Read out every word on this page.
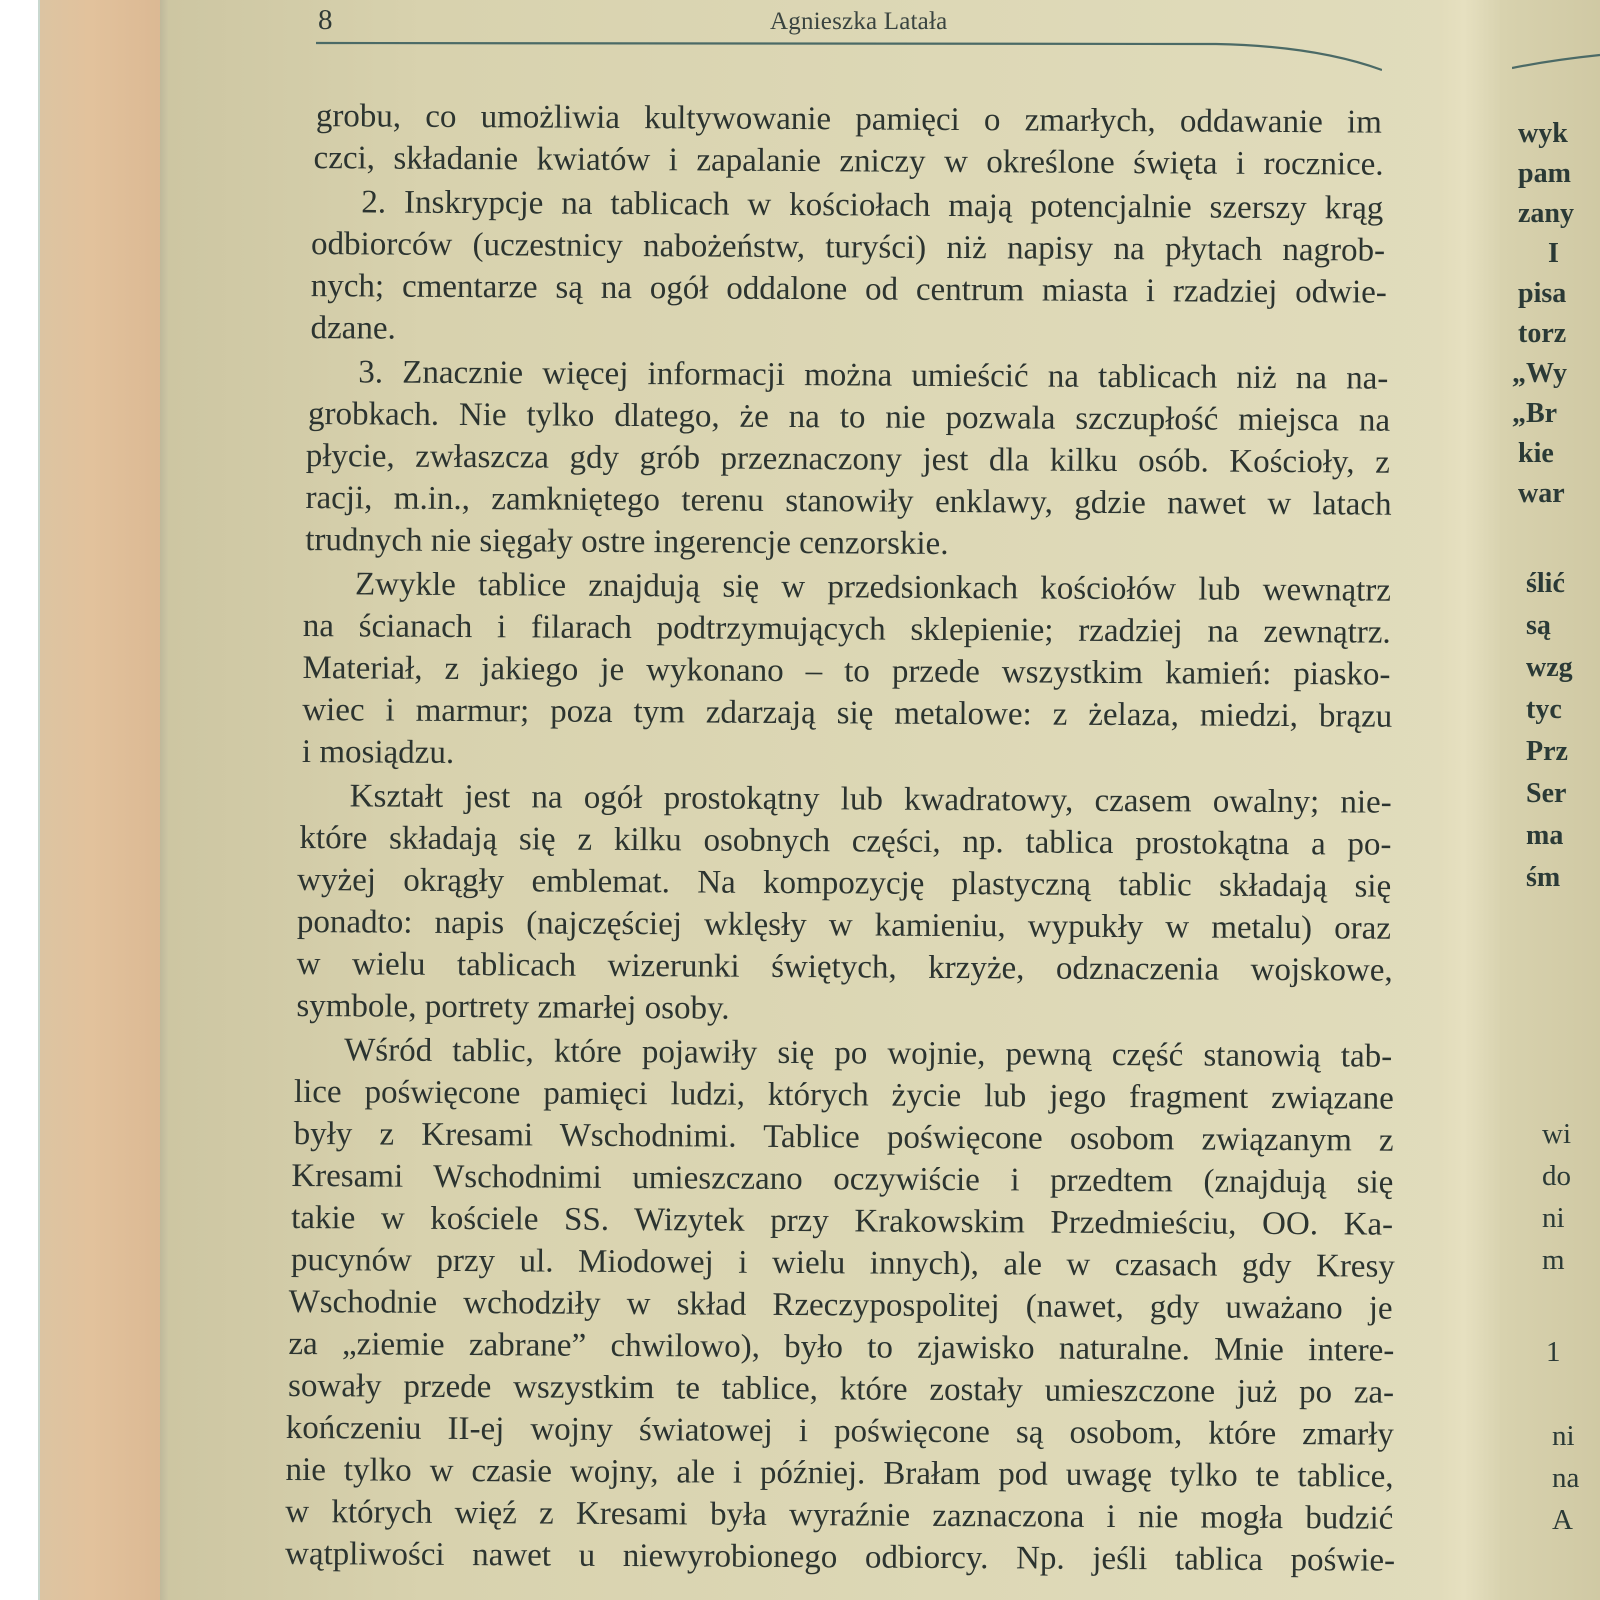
8	Agnieszka Latała
grobu, co umożliwia kultywowanie pamięci o zmarłych, oddawanie im
czci, składanie kwiatów i zapalanie zniczy w określone święta i rocznice.
2. Inskrypcje na tablicach w kościołach mają potencjalnie szerszy krąg
odbiorców (uczestnicy nabożeństw, turyści) niż napisy na płytach nagrob-
nych; cmentarze są na ogół oddalone od centrum miasta i rzadziej odwie-
dzane.
3. Znacznie więcej informacji można umieścić na tablicach niż na na-
grobkach. Nie tylko dlatego, że na to nie pozwala szczupłość miejsca na
płycie, zwłaszcza gdy grób przeznaczony jest dla kilku osób. Kościoły, z
racji, m.in., zamkniętego terenu stanowiły enklawy, gdzie nawet w latach
trudnych nie sięgały ostre ingerencje cenzorskie.
Zwykle tablice znajdują się w przedsionkach kościołów lub wewnątrz
na ścianach i filarach podtrzymujących sklepienie; rzadziej na zewnątrz.
Materiał, z jakiego je wykonano – to przede wszystkim kamień: piasko-
wiec i marmur; poza tym zdarzają się metalowe: z żelaza, miedzi, brązu
i mosiądzu.
Kształt jest na ogół prostokątny lub kwadratowy, czasem owalny; nie-
które składają się z kilku osobnych części, np. tablica prostokątna a po-
wyżej okrągły emblemat. Na kompozycję plastyczną tablic składają się
ponadto: napis (najczęściej wklęsły w kamieniu, wypukły w metalu) oraz
w wielu tablicach wizerunki świętych, krzyże, odznaczenia wojskowe,
symbole, portrety zmarłej osoby.
Wśród tablic, które pojawiły się po wojnie, pewną część stanowią tab-
lice poświęcone pamięci ludzi, których życie lub jego fragment związane
były z Kresami Wschodnimi. Tablice poświęcone osobom związanym z
Kresami Wschodnimi umieszczano oczywiście i przedtem (znajdują się
takie w kościele SS. Wizytek przy Krakowskim Przedmieściu, OO. Ka-
pucynów przy ul. Miodowej i wielu innych), ale w czasach gdy Kresy
Wschodnie wchodziły w skład Rzeczypospolitej (nawet, gdy uważano je
za „ziemie zabrane” chwilowo), było to zjawisko naturalne. Mnie intere-
sowały przede wszystkim te tablice, które zostały umieszczone już po za-
kończeniu II-ej wojny światowej i poświęcone są osobom, które zmarły
nie tylko w czasie wojny, ale i później. Brałam pod uwagę tylko te tablice,
w których więź z Kresami była wyraźnie zaznaczona i nie mogła budzić
wątpliwości nawet u niewyrobionego odbiorcy. Np. jeśli tablica poświe-
wyk
pam
zany
I
pisa
torz
„Wy
„Br
kie
war
ślić
są
wzg
tyc
Prz
Ser
ma
śm
wi
do
ni
m
1
ni
na
A
